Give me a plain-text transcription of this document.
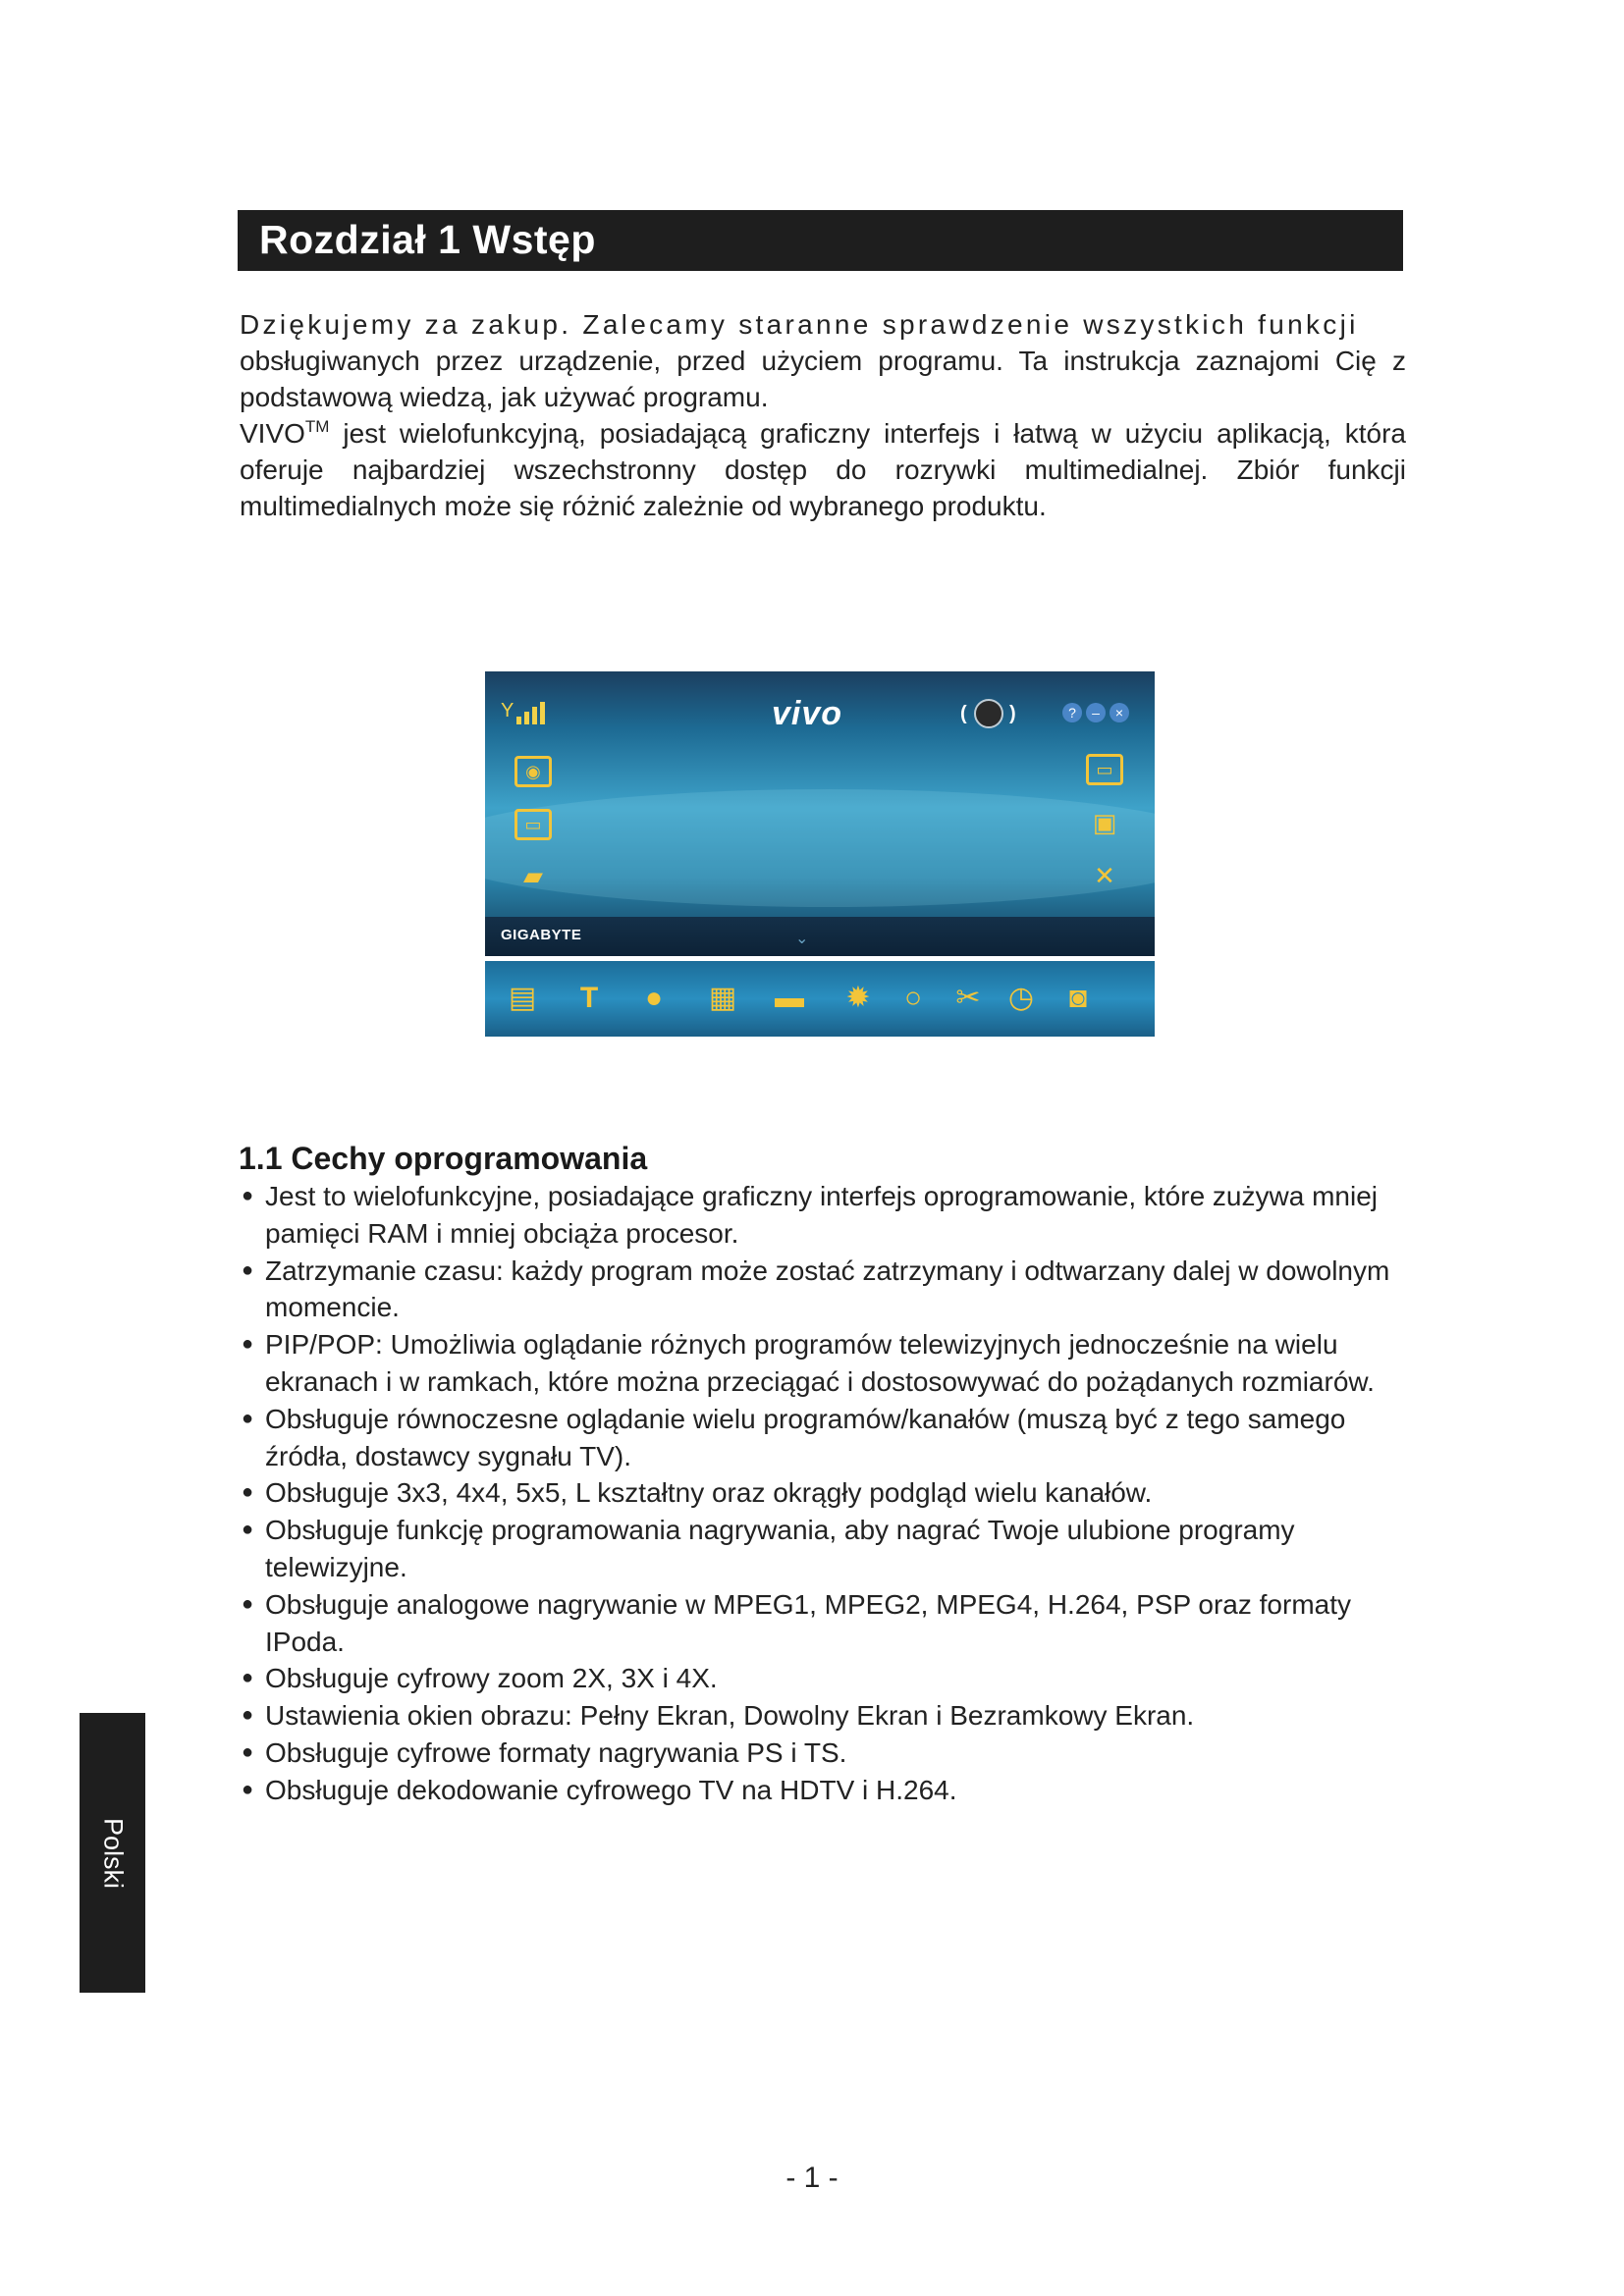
Rozdział 1 Wstęp

Dziękujemy za zakup. Zalecamy staranne sprawdzenie wszystkich funkcji

obsługiwanych przez urządzenie, przed użyciem programu. Ta instrukcja zaznajomi Cię z podstawową wiedzą, jak używać programu.

VIVO™ jest wielofunkcyjną, posiadającą graficzny interfejs i łatwą w użyciu aplikacją, która oferuje najbardziej wszechstronny dostęp do rozrywki multimedialnej. Zbiór funkcji multimedialnych może się różnić zależnie od wybranego produktu.

Y	vivo	( )	?	–	×
◉
▭
▰
▭
▣
✕
GIGABYTE	⌄
▤	T	●	▦ ▬ ✹	○	✂ ◷	◙
1.1 Cechy oprogramowania
● Jest to wielofunkcyjne, posiadające graficzny interfejs oprogramowanie, które zużywa mniej pamięci RAM i mniej obciąża procesor.
● Zatrzymanie czasu: każdy program może zostać zatrzymany i odtwarzany dalej w dowolnym momencie.
● PIP/POP: Umożliwia oglądanie różnych programów telewizyjnych jednocześnie na wielu ekranach i w ramkach, które można przeciągać i dostosowywać do pożądanych rozmiarów.
● Obsługuje równoczesne oglądanie wielu programów/kanałów (muszą być z tego samego źródła, dostawcy sygnału TV).
● Obsługuje 3x3, 4x4, 5x5, L kształtny oraz okrągły podgląd wielu kanałów.
● Obsługuje funkcję programowania nagrywania, aby nagrać Twoje ulubione programy telewizyjne.
● Obsługuje analogowe nagrywanie w MPEG1, MPEG2, MPEG4, H.264, PSP oraz formaty IPoda.
● Obsługuje cyfrowy zoom 2X, 3X i 4X.
● Ustawienia okien obrazu: Pełny Ekran, Dowolny Ekran i Bezramkowy Ekran.
● Obsługuje cyfrowe formaty nagrywania PS i TS.
● Obsługuje dekodowanie cyfrowego TV na HDTV i H.264.
Polski
- 1 -
